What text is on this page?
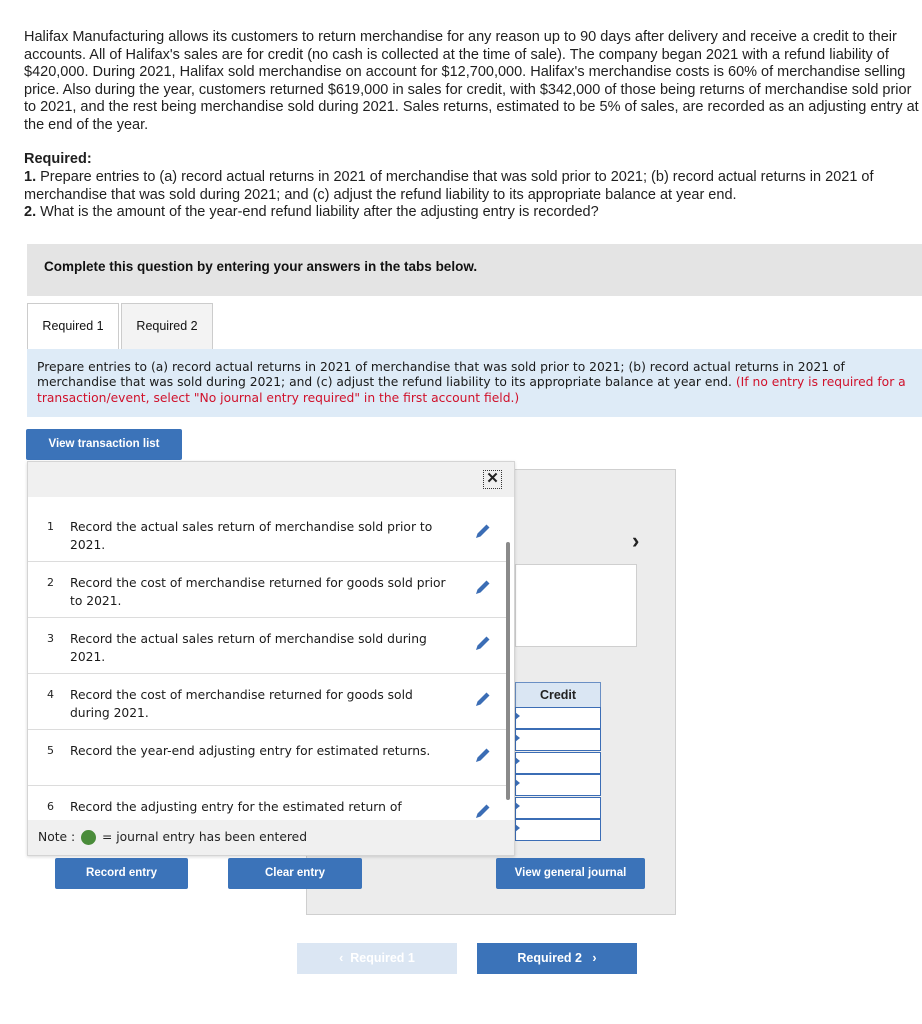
Halifax Manufacturing allows its customers to return merchandise for any reason up to 90 days after delivery and receive a credit to their accounts. All of Halifax's sales are for credit (no cash is collected at the time of sale). The company began 2021 with a refund liability of $420,000. During 2021, Halifax sold merchandise on account for $12,700,000. Halifax's merchandise costs is 60% of merchandise selling price. Also during the year, customers returned $619,000 in sales for credit, with $342,000 of those being returns of merchandise sold prior to 2021, and the rest being merchandise sold during 2021. Sales returns, estimated to be 5% of sales, are recorded as an adjusting entry at the end of the year.
Required:
1. Prepare entries to (a) record actual returns in 2021 of merchandise that was sold prior to 2021; (b) record actual returns in 2021 of merchandise that was sold during 2021; and (c) adjust the refund liability to its appropriate balance at year end.
2. What is the amount of the year-end refund liability after the adjusting entry is recorded?
Complete this question by entering your answers in the tabs below.
Required 1	Required 2

Prepare entries to (a) record actual returns in 2021 of merchandise that was sold prior to 2021; (b) record actual returns in 2021 of merchandise that was sold during 2021; and (c) adjust the refund liability to its appropriate balance at year end. (If no entry is required for a transaction/event, select "No journal entry required" in the first account field.)

View transaction list
›
Credit
✕
1 Record the actual sales return of merchandise sold prior to 2021.
2 Record the cost of merchandise returned for goods sold prior to 2021.
3 Record the actual sales return of merchandise sold during 2021.
4 Record the cost of merchandise returned for goods sold during 2021.
5 Record the year-end adjusting entry for estimated returns.
6 Record the adjusting entry for the estimated return of
Note : = journal entry has been entered
Record entry	Clear entry	View general journal
‹ Required 1	Required 2 ›
